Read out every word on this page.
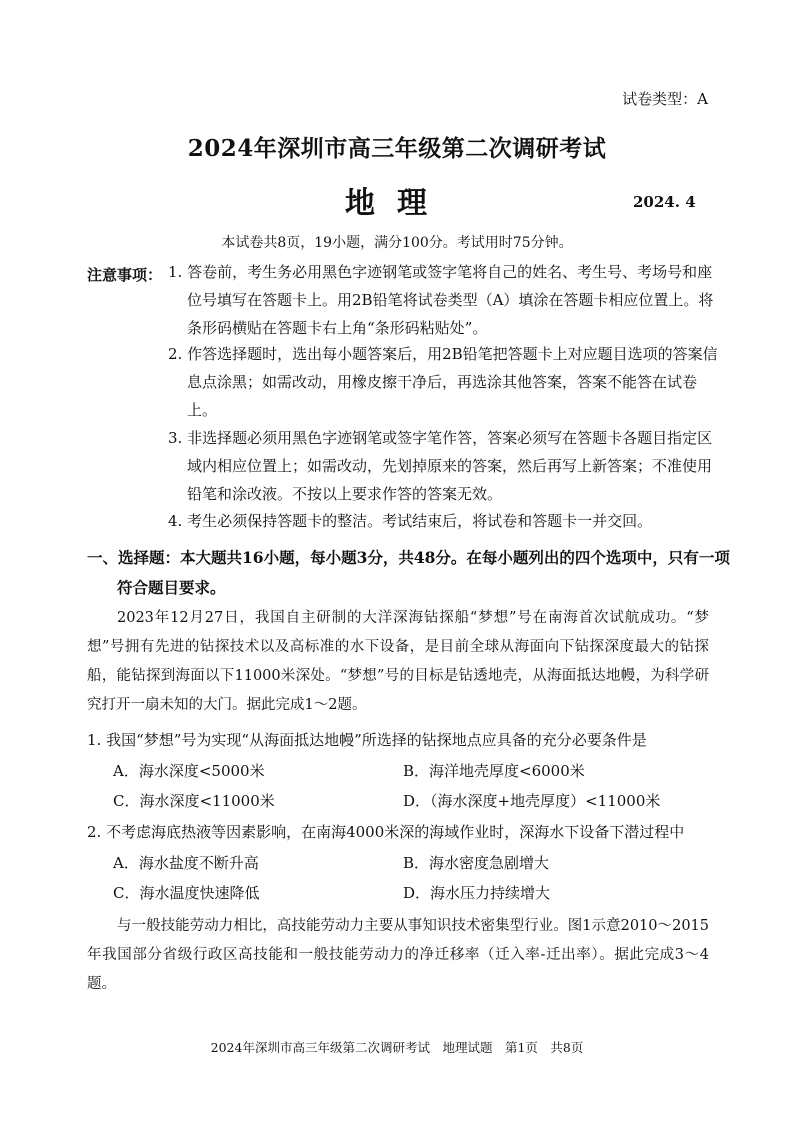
试卷类型：A
2024年深圳市高三年级第二次调研考试
地理	2024. 4
本试卷共8页，19小题，满分100分。考试用时75分钟。
注意事项： 1. 答卷前，考生务必用黑色字迹钢笔或签字笔将自己的姓名、考生号、考场号和座位号填写在答题卡上。用2B铅笔将试卷类型（A）填涂在答题卡相应位置上。将条形码横贴在答题卡右上角“条形码粘贴处”。
2. 作答选择题时，选出每小题答案后，用2B铅笔把答题卡上对应题目选项的答案信息点涂黑；如需改动，用橡皮擦干净后，再选涂其他答案，答案不能答在试卷上。
3. 非选择题必须用黑色字迹钢笔或签字笔作答，答案必须写在答题卡各题目指定区域内相应位置上；如需改动，先划掉原来的答案，然后再写上新答案；不准使用铅笔和涂改液。不按以上要求作答的答案无效。
4. 考生必须保持答题卡的整洁。考试结束后，将试卷和答题卡一并交回。
一、选择题：本大题共16小题，每小题3分，共48分。在每小题列出的四个选项中，只有一项符合题目要求。
2023年12月27日，我国自主研制的大洋深海钻探船“梦想”号在南海首次试航成功。“梦想”号拥有先进的钻探技术以及高标准的水下设备，是目前全球从海面向下钻探深度最大的钻探船，能钻探到海面以下11000米深处。“梦想”号的目标是钻透地壳，从海面抵达地幔，为科学研究打开一扇未知的大门。据此完成1～2题。
1. 我国“梦想”号为实现“从海面抵达地幔”所选择的钻探地点应具备的充分必要条件是
A．海水深度<5000米	B．海洋地壳厚度<6000米
C．海水深度<11000米	D．（海水深度+地壳厚度）<11000米
2. 不考虑海底热液等因素影响，在南海4000米深的海域作业时，深海水下设备下潜过程中
A．海水盐度不断升高	B．海水密度急剧增大
C．海水温度快速降低	D．海水压力持续增大
与一般技能劳动力相比，高技能劳动力主要从事知识技术密集型行业。图1示意2010～2015年我国部分省级行政区高技能和一般技能劳动力的净迁移率（迁入率-迁出率）。据此完成3～4题。
2024年深圳市高三年级第二次调研考试　地理试题　第1页　共8页
